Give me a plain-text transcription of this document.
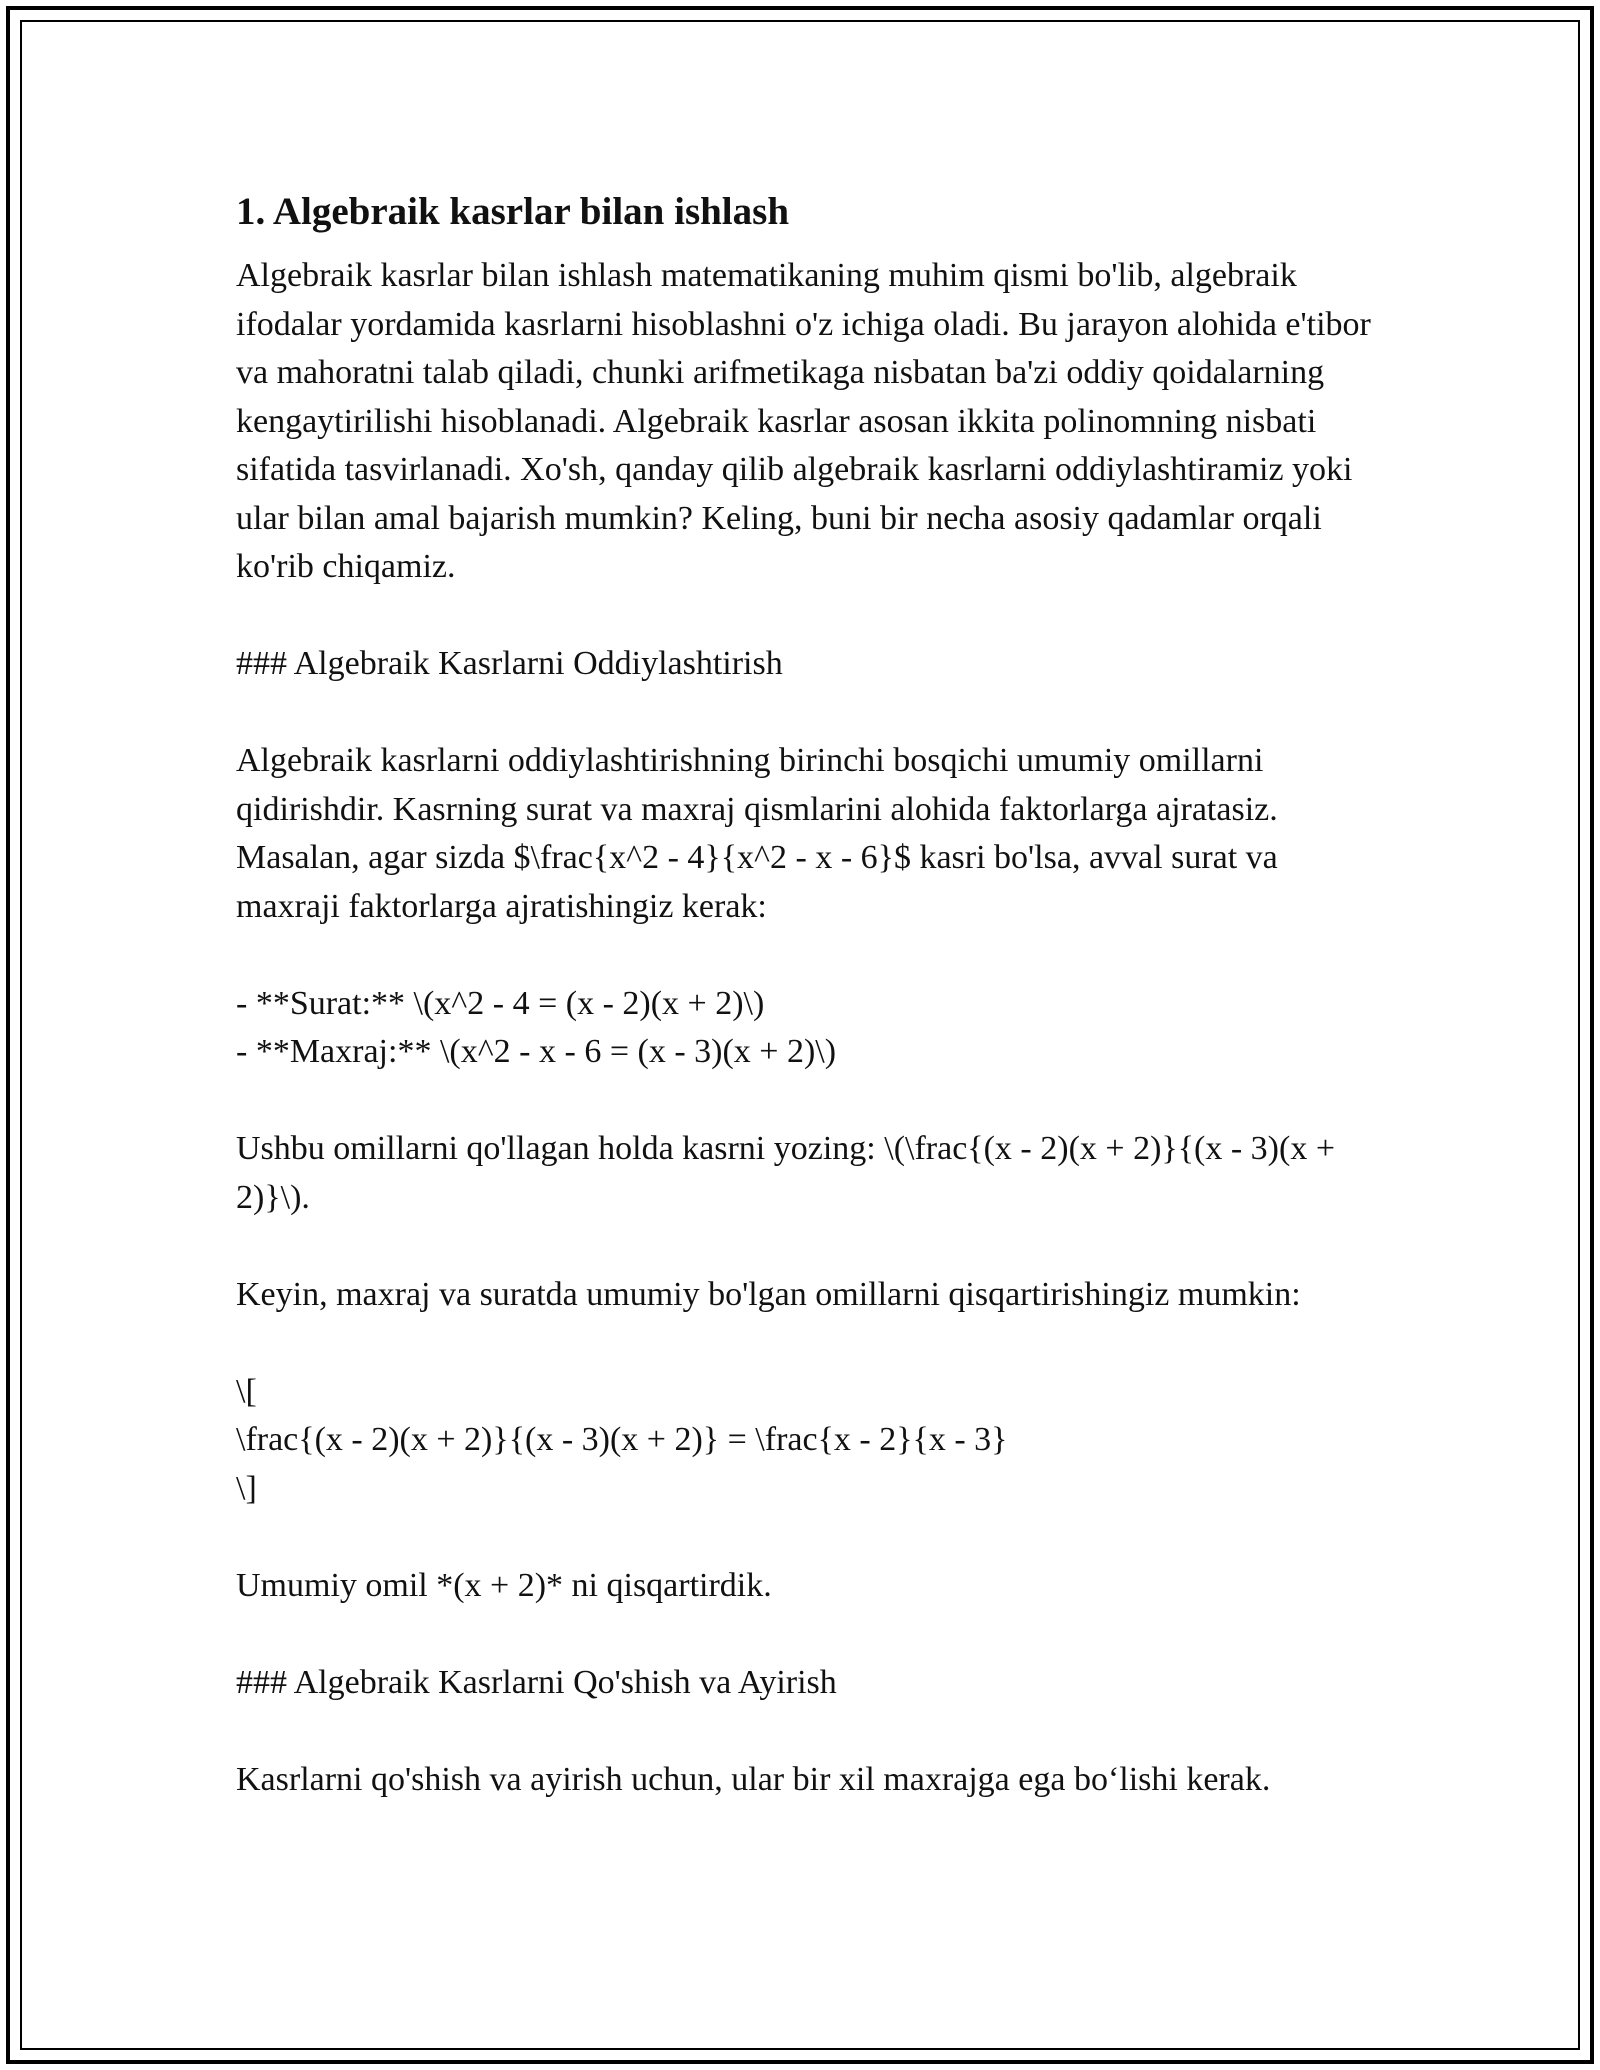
1. Algebraik kasrlar bilan ishlash

Algebraik kasrlar bilan ishlash matematikaning muhim qismi bo'lib, algebraik ifodalar yordamida kasrlarni hisoblashni o'z ichiga oladi. Bu jarayon alohida e'tibor va mahoratni talab qiladi, chunki arifmetikaga nisbatan ba'zi oddiy qoidalarning kengaytirilishi hisoblanadi. Algebraik kasrlar asosan ikkita polinomning nisbati sifatida tasvirlanadi. Xo'sh, qanday qilib algebraik kasrlarni oddiylashtiramiz yoki ular bilan amal bajarish mumkin? Keling, buni bir necha asosiy qadamlar orqali ko'rib chiqamiz.

### Algebraik Kasrlarni Oddiylashtirish

Algebraik kasrlarni oddiylashtirishning birinchi bosqichi umumiy omillarni qidirishdir. Kasrning surat va maxraj qismlarini alohida faktorlarga ajratasiz. Masalan, agar sizda $\frac{x^2 - 4}{x^2 - x - 6}$ kasri bo'lsa, avval surat va maxraji faktorlarga ajratishingiz kerak:

- **Surat:** \(x^2 - 4 = (x - 2)(x + 2)\)

- **Maxraj:** \(x^2 - x - 6 = (x - 3)(x + 2)\)

Ushbu omillarni qo'llagan holda kasrni yozing: \(\frac{(x - 2)(x + 2)}{(x - 3)(x + 2)}\).

Keyin, maxraj va suratda umumiy bo'lgan omillarni qisqartirishingiz mumkin:

\[

\frac{(x - 2)(x + 2)}{(x - 3)(x + 2)} = \frac{x - 2}{x - 3}

\]

Umumiy omil *(x + 2)* ni qisqartirdik.

### Algebraik Kasrlarni Qo'shish va Ayirish

Kasrlarni qo'shish va ayirish uchun, ular bir xil maxrajga ega bo‘lishi kerak.
